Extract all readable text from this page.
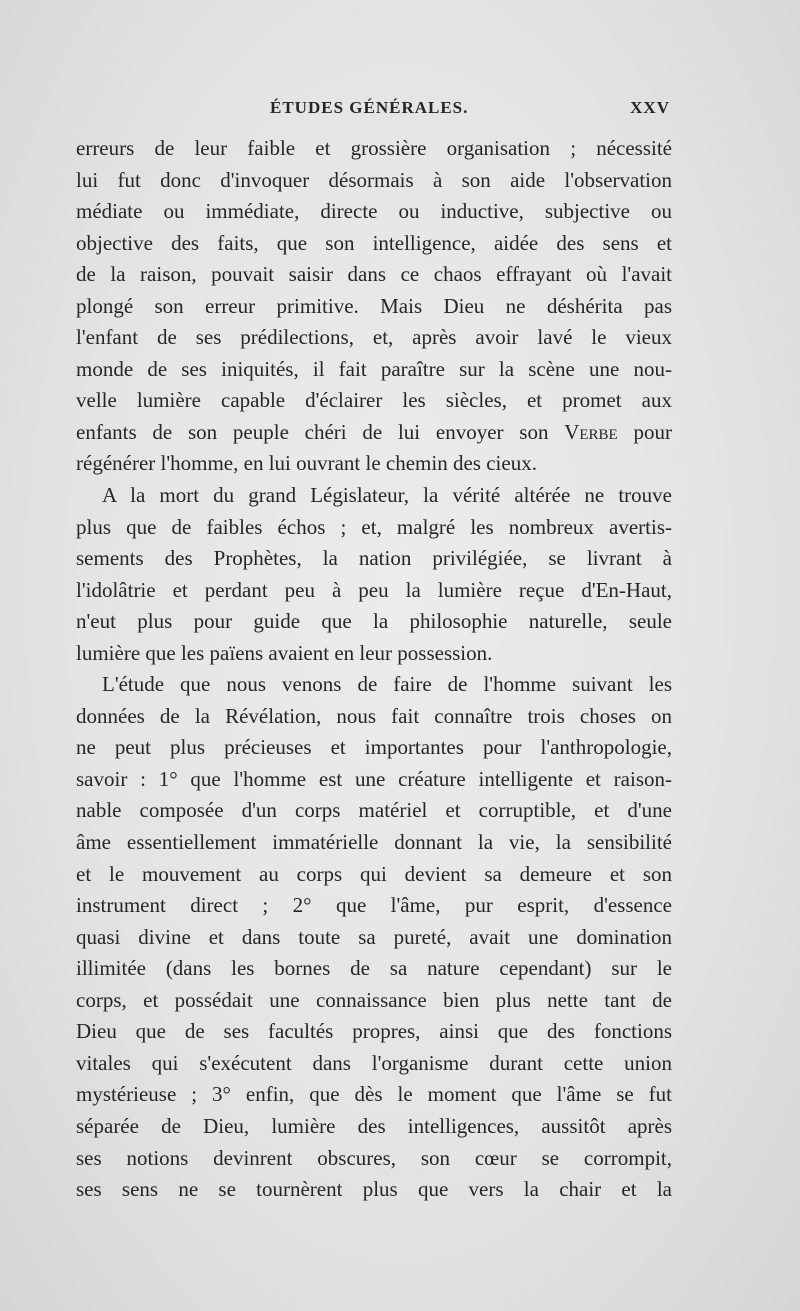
ÉTUDES GÉNÉRALES.	XXV
erreurs de leur faible et grossière organisation ; nécessité
lui fut donc d'invoquer désormais à son aide l'observation
médiate ou immédiate, directe ou inductive, subjective ou
objective des faits, que son intelligence, aidée des sens et
de la raison, pouvait saisir dans ce chaos effrayant où l'avait
plongé son erreur primitive. Mais Dieu ne déshérita pas
l'enfant de ses prédilections, et, après avoir lavé le vieux
monde de ses iniquités, il fait paraître sur la scène une nou-
velle lumière capable d'éclairer les siècles, et promet aux
enfants de son peuple chéri de lui envoyer son Verbe pour
régénérer l'homme, en lui ouvrant le chemin des cieux.
A la mort du grand Législateur, la vérité altérée ne trouve
plus que de faibles échos ; et, malgré les nombreux avertis-
sements des Prophètes, la nation privilégiée, se livrant à
l'idolâtrie et perdant peu à peu la lumière reçue d'En-Haut,
n'eut plus pour guide que la philosophie naturelle, seule
lumière que les païens avaient en leur possession.
L'étude que nous venons de faire de l'homme suivant les
données de la Révélation, nous fait connaître trois choses on
ne peut plus précieuses et importantes pour l'anthropologie,
savoir : 1° que l'homme est une créature intelligente et raison-
nable composée d'un corps matériel et corruptible, et d'une
âme essentiellement immatérielle donnant la vie, la sensibilité
et le mouvement au corps qui devient sa demeure et son
instrument direct ; 2° que l'âme, pur esprit, d'essence
quasi divine et dans toute sa pureté, avait une domination
illimitée (dans les bornes de sa nature cependant) sur le
corps, et possédait une connaissance bien plus nette tant de
Dieu que de ses facultés propres, ainsi que des fonctions
vitales qui s'exécutent dans l'organisme durant cette union
mystérieuse ; 3° enfin, que dès le moment que l'âme se fut
séparée de Dieu, lumière des intelligences, aussitôt après
ses notions devinrent obscures, son cœur se corrompit,
ses sens ne se tournèrent plus que vers la chair et la
